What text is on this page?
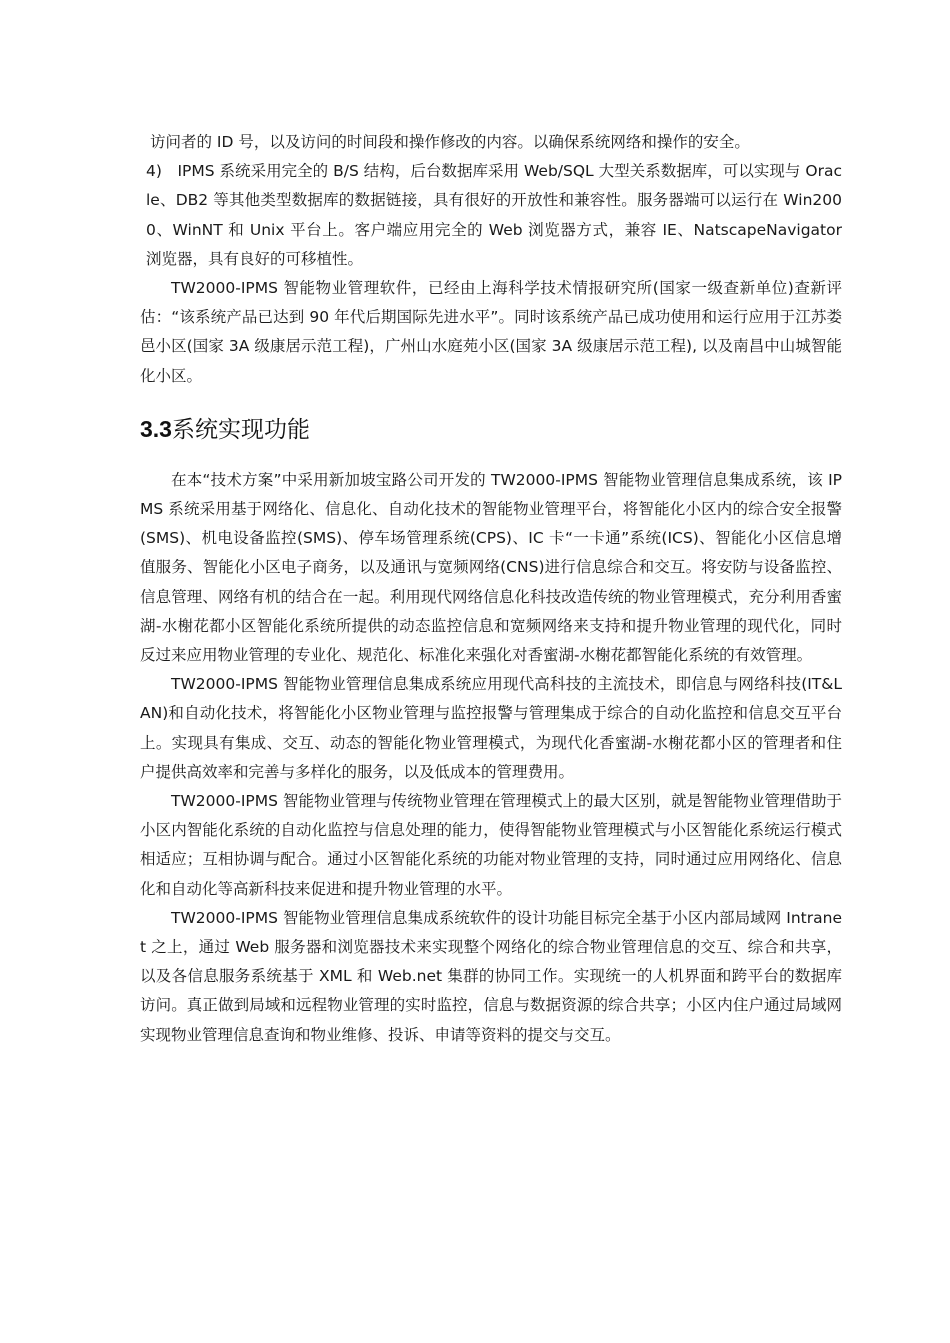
访问者的 ID 号，以及访问的时间段和操作修改的内容。以确保系统网络和操作的安全。

4)　IPMS 系统采用完全的 B/S 结构，后台数据库采用 Web/SQL 大型关系数据库，可以实现与 Oracle、DB2 等其他类型数据库的数据链接，具有很好的开放性和兼容性。服务器端可以运行在 Win2000、WinNT 和 Unix 平台上。客户端应用完全的 Web 浏览器方式，兼容 IE、NatscapeNavigator 浏览器，具有良好的可移植性。

TW2000-IPMS 智能物业管理软件，已经由上海科学技术情报研究所(国家一级查新单位)查新评估：“该系统产品已达到 90 年代后期国际先进水平”。同时该系统产品已成功使用和运行应用于江苏娄邑小区(国家 3A 级康居示范工程)，广州山水庭苑小区(国家 3A 级康居示范工程), 以及南昌中山城智能化小区。

3.3系统实现功能

在本“技术方案”中采用新加坡宝路公司开发的 TW2000-IPMS 智能物业管理信息集成系统，该 IPMS 系统采用基于网络化、信息化、自动化技术的智能物业管理平台，将智能化小区内的综合安全报警(SMS)、机电设备监控(SMS)、停车场管理系统(CPS)、IC 卡“一卡通”系统(ICS)、智能化小区信息增值服务、智能化小区电子商务，以及通讯与宽频网络(CNS)进行信息综合和交互。将安防与设备监控、信息管理、网络有机的结合在一起。利用现代网络信息化科技改造传统的物业管理模式，充分利用香蜜湖-水榭花都小区智能化系统所提供的动态监控信息和宽频网络来支持和提升物业管理的现代化，同时反过来应用物业管理的专业化、规范化、标准化来强化对香蜜湖-水榭花都智能化系统的有效管理。

TW2000-IPMS 智能物业管理信息集成系统应用现代高科技的主流技术，即信息与网络科技(IT&LAN)和自动化技术，将智能化小区物业管理与监控报警与管理集成于综合的自动化监控和信息交互平台上。实现具有集成、交互、动态的智能化物业管理模式，为现代化香蜜湖-水榭花都小区的管理者和住户提供高效率和完善与多样化的服务，以及低成本的管理费用。

TW2000-IPMS 智能物业管理与传统物业管理在管理模式上的最大区别，就是智能物业管理借助于小区内智能化系统的自动化监控与信息处理的能力，使得智能物业管理模式与小区智能化系统运行模式相适应；互相协调与配合。通过小区智能化系统的功能对物业管理的支持，同时通过应用网络化、信息化和自动化等高新科技来促进和提升物业管理的水平。

TW2000-IPMS 智能物业管理信息集成系统软件的设计功能目标完全基于小区内部局域网 Intranet 之上，通过 Web 服务器和浏览器技术来实现整个网络化的综合物业管理信息的交互、综合和共享，以及各信息服务系统基于 XML 和 Web.net 集群的协同工作。实现统一的人机界面和跨平台的数据库访问。真正做到局域和远程物业管理的实时监控，信息与数据资源的综合共享；小区内住户通过局域网实现物业管理信息查询和物业维修、投诉、申请等资料的提交与交互。
